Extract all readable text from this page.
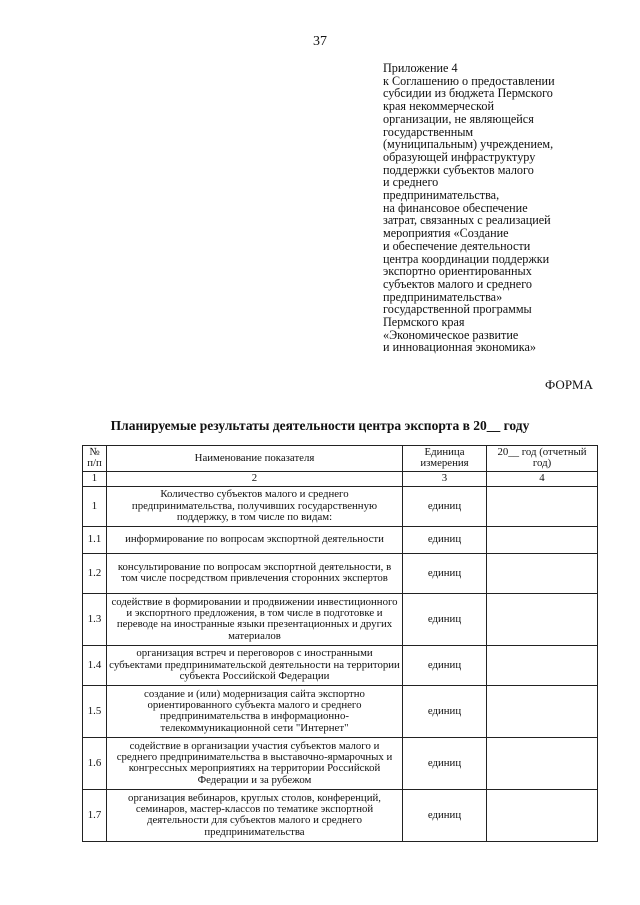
37
Приложение 4
к Соглашению о предоставлении
субсидии из бюджета Пермского
края некоммерческой
организации, не являющейся
государственным
(муниципальным) учреждением,
образующей инфраструктуру
поддержки субъектов малого
и среднего
предпринимательства,
на финансовое обеспечение
затрат, связанных с реализацией
мероприятия «Создание
и обеспечение деятельности
центра координации поддержки
экспортно ориентированных
субъектов малого и среднего
предпринимательства»
государственной программы
Пермского края
«Экономическое развитие
и инновационная экономика»
ФОРМА
Планируемые результаты деятельности центра экспорта в 20__ году
№ п/п	Наименование показателя	Единица измерения	20__ год (отчетный год)
1	2	3	4
1	Количество субъектов малого и среднего предпринимательства, получивших государственную поддержку, в том числе по видам:	единиц	
1.1	информирование по вопросам экспортной деятельности	единиц	
1.2	консультирование по вопросам экспортной деятельности, в том числе посредством привлечения сторонних экспертов	единиц	
1.3	содействие в формировании и продвижении инвестиционного и экспортного предложения, в том числе в подготовке и переводе на иностранные языки презентационных и других материалов	единиц	
1.4	организация встреч и переговоров с иностранными субъектами предпринимательской деятельности на территории субъекта Российской Федерации	единиц	
1.5	создание и (или) модернизация сайта экспортно ориентированного субъекта малого и среднего предпринимательства в информационно-телекоммуникационной сети "Интернет"	единиц	
1.6	содействие в организации участия субъектов малого и среднего предпринимательства в выставочно-ярмарочных и конгрессных мероприятиях на территории Российской Федерации и за рубежом	единиц	
1.7	организация вебинаров, круглых столов, конференций, семинаров, мастер-классов по тематике экспортной деятельности для субъектов малого и среднего предпринимательства	единиц	
